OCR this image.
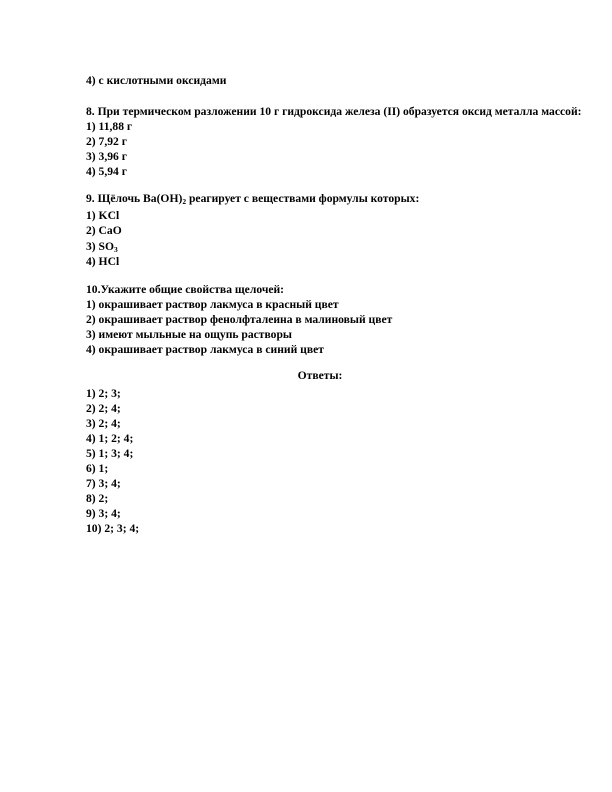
4) с кислотными оксидами
8. При термическом разложении 10 г гидроксида железа (II) образуется оксид металла массой:
1) 11,88 г
2) 7,92 г
3) 3,96 г
4) 5,94 г
9. Щёлочь $Ba(OH)_2$ реагирует с веществами формулы которых:
1) KCl
2) CaO
3) $SO_3$
4) HCl
10.Укажите общие свойства щелочей:
1) окрашивает раствор лакмуса в красный цвет
2) окрашивает раствор фенолфталеина в малиновый цвет
3) имеют мыльные на ощупь растворы
4) окрашивает раствор лакмуса в синий цвет
Ответы:
1) 2; 3;
2) 2; 4;
3) 2; 4;
4) 1; 2; 4;
5) 1; 3; 4;
6) 1;
7) 3; 4;
8) 2;
9) 3; 4;
10) 2; 3; 4;
